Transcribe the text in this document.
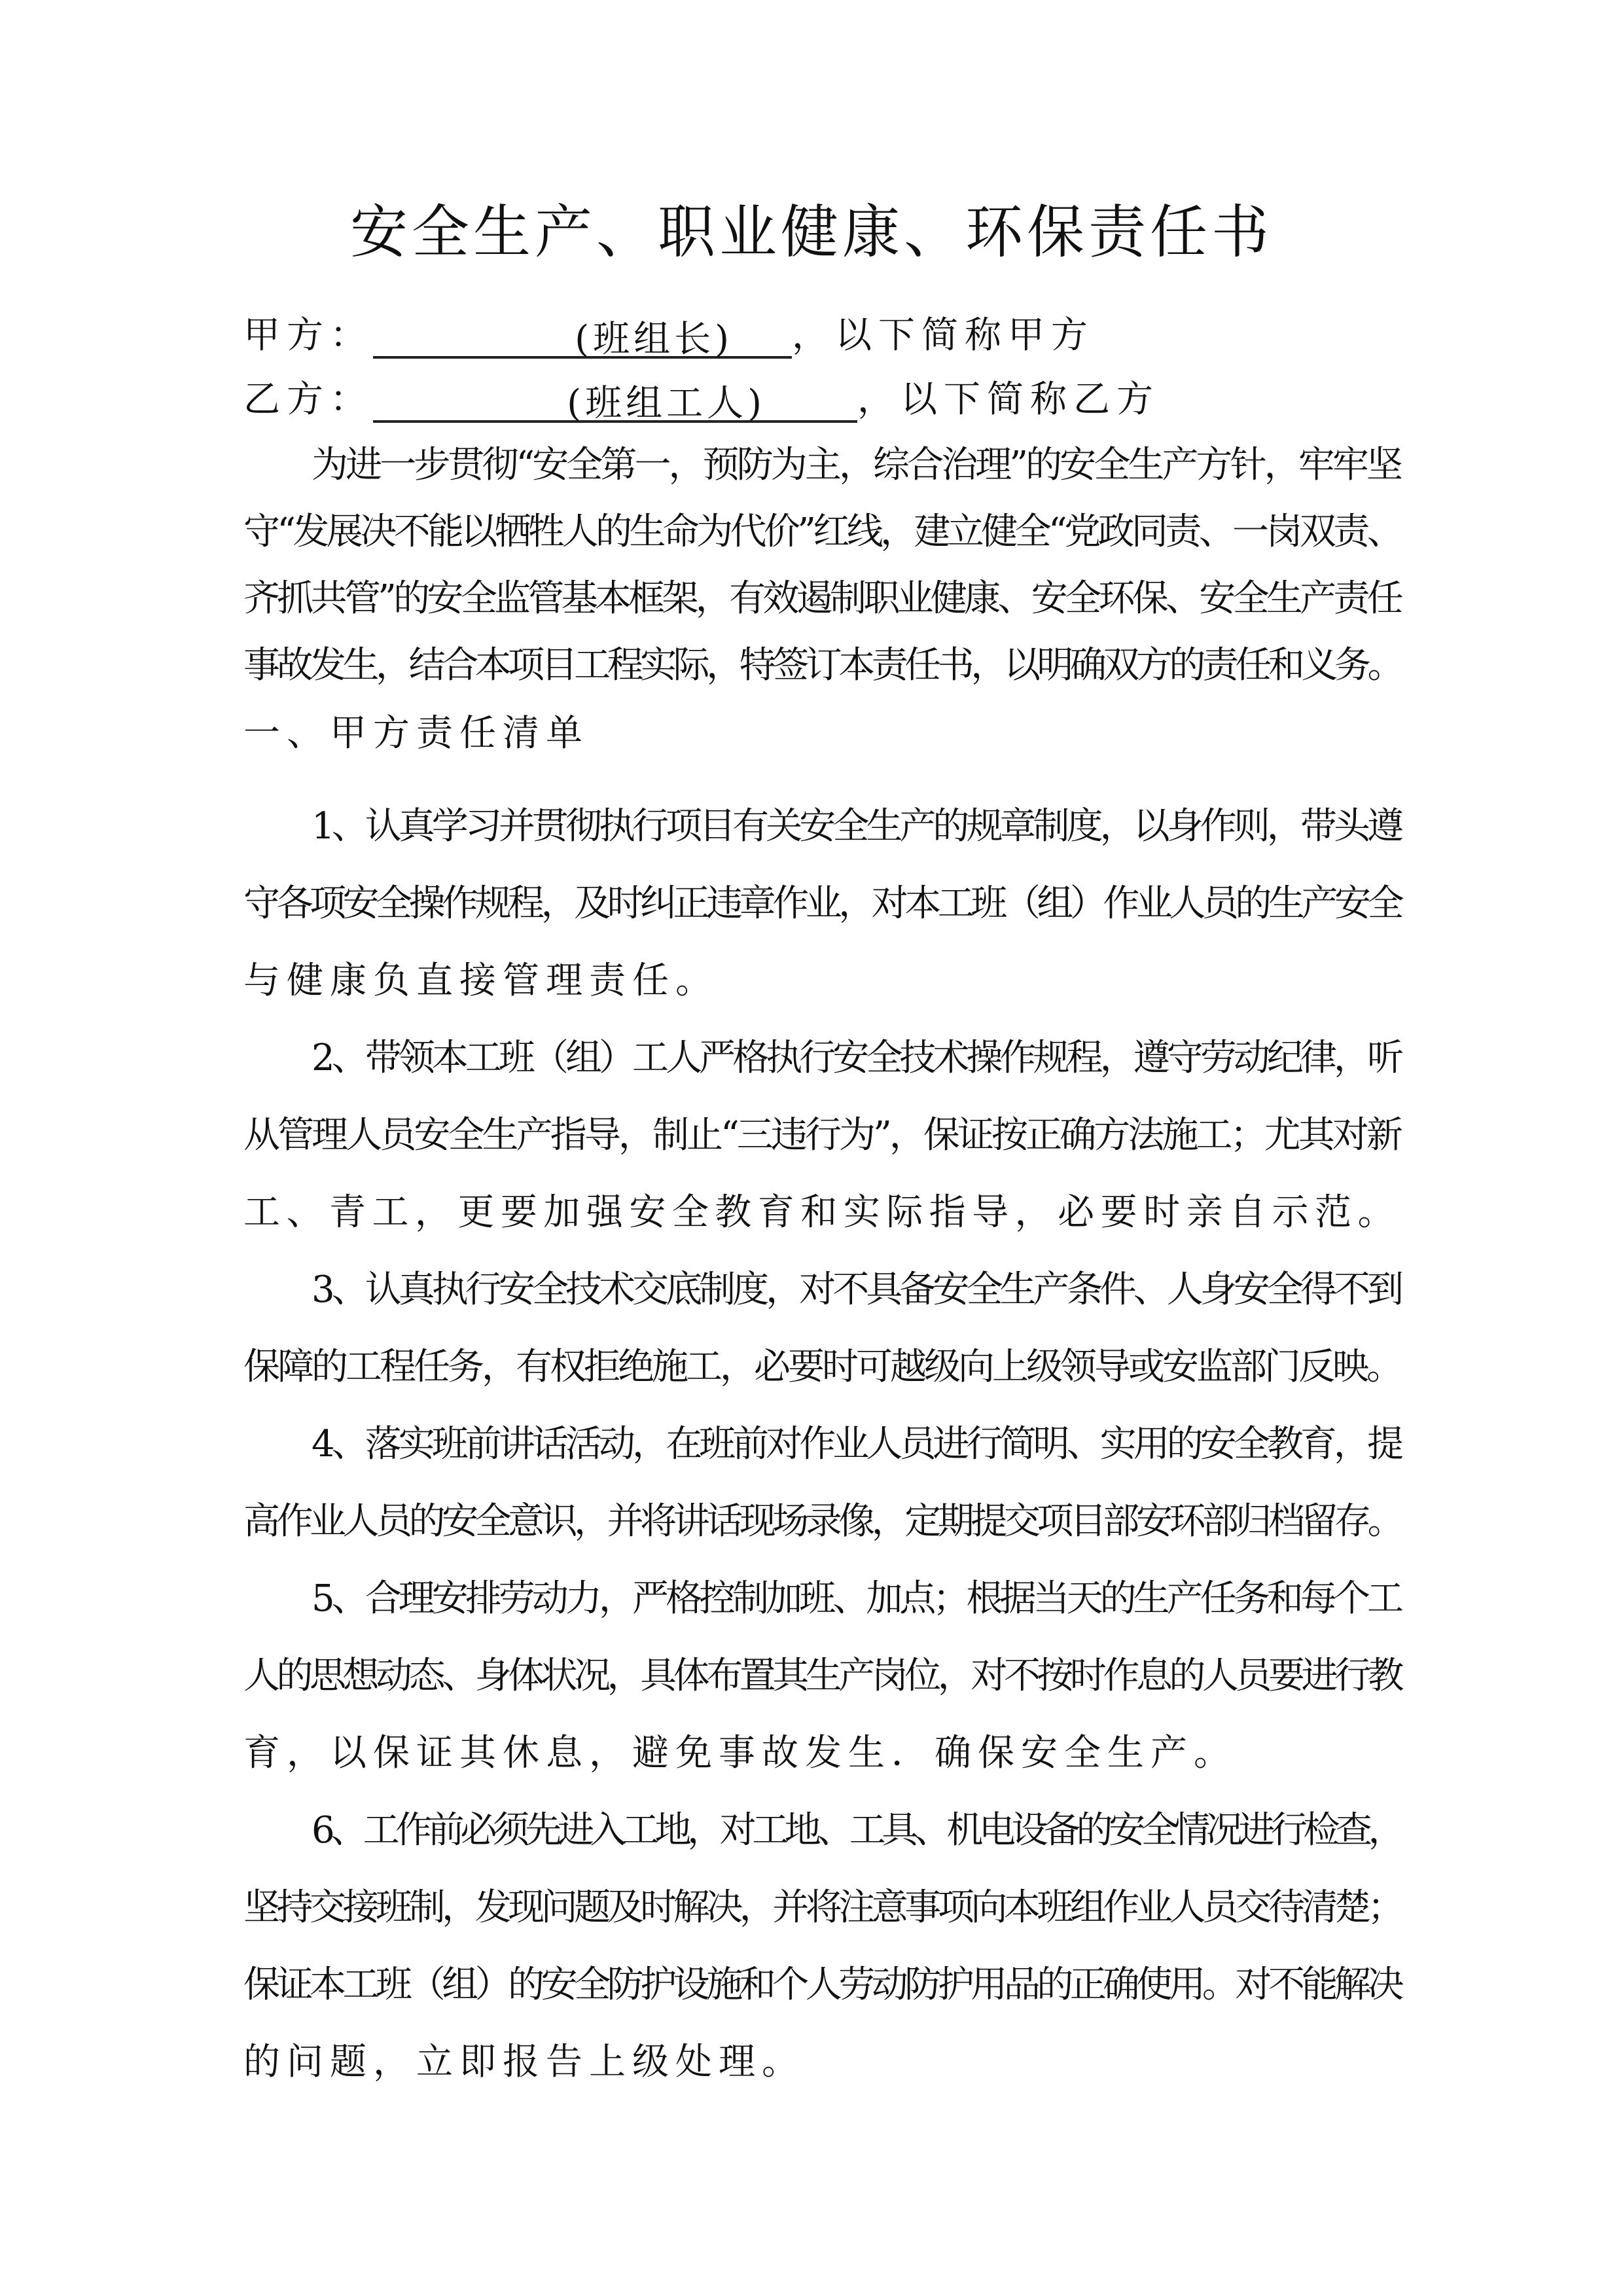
安全生产、职业健康、环保责任书
甲方：	(班组长) ，以下简称甲方
乙方：	(班组工人)	，以下简称乙方
为进一步贯彻“安全第一，预防为主，综合治理”的安全生产方针，牢牢坚
守“发展决不能以牺牲人的生命为代价”红线，建立健全“党政同责、一岗双责、
齐抓共管”的安全监管基本框架，有效遏制职业健康、安全环保、安全生产责任
事故发生，结合本项目工程实际，特签订本责任书，以明确双方的责任和义务。
一、甲方责任清单
1、认真学习并贯彻执行项目有关安全生产的规章制度，以身作则，带头遵
守各项安全操作规程，及时纠正违章作业，对本工班（组）作业人员的生产安全
与健康负直接管理责任。
2、带领本工班（组）工人严格执行安全技术操作规程，遵守劳动纪律，听
从管理人员安全生产指导，制止“三违行为”，保证按正确方法施工；尤其对新
工、青工，更要加强安全教育和实际指导，必要时亲自示范。
3、认真执行安全技术交底制度，对不具备安全生产条件、人身安全得不到
保障的工程任务，有权拒绝施工，必要时可越级向上级领导或安监部门反映。
4、落实班前讲话活动，在班前对作业人员进行简明、实用的安全教育，提
高作业人员的安全意识，并将讲话现场录像，定期提交项目部安环部归档留存。
5、合理安排劳动力，严格控制加班、加点；根据当天的生产任务和每个工
人的思想动态、身体状况，具体布置其生产岗位，对不按时作息的人员要进行教
育，以保证其休息，避免事故发生．确保安全生产。
6、工作前必须先进入工地，对工地、工具、机电设备的安全情况进行检查，
坚持交接班制，发现问题及时解决，并将注意事项向本班组作业人员交待清楚；
保证本工班（组）的安全防护设施和个人劳动防护用品的正确使用。对不能解决
的问题，立即报告上级处理。
